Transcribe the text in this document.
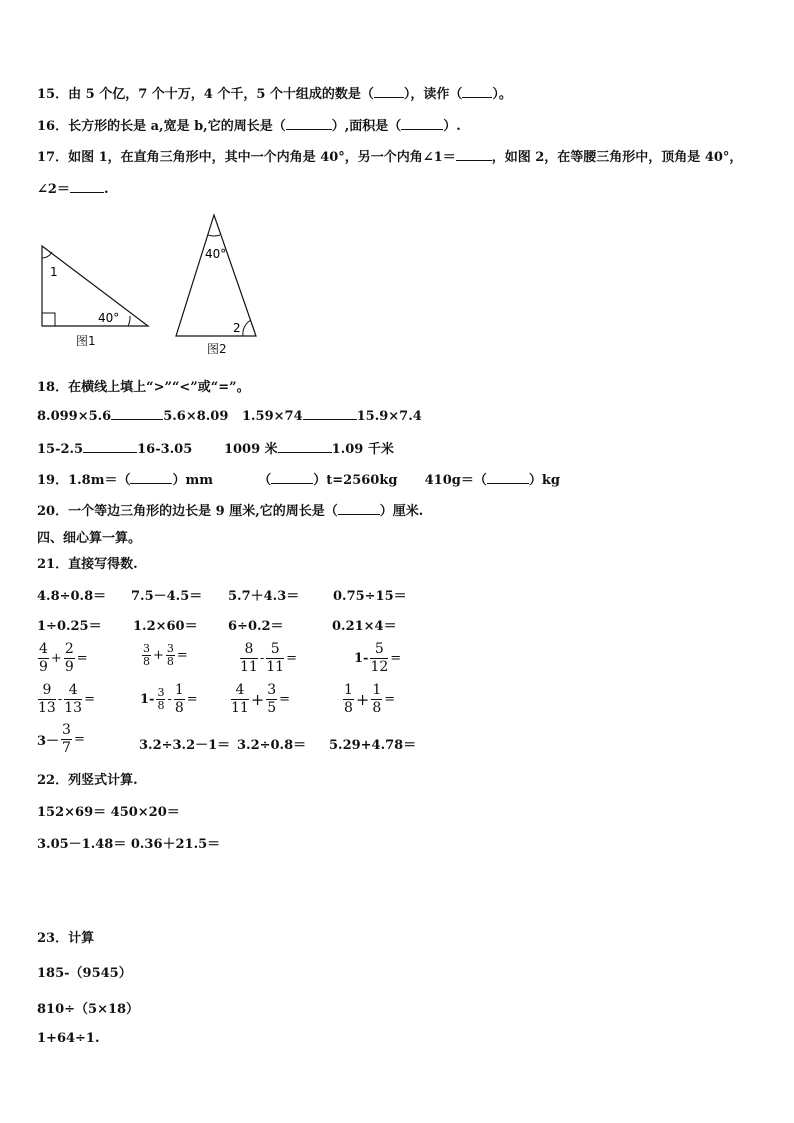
15．由 5 个亿，7 个十万，4 个千，5 个十组成的数是（ ），读作（ ）。
16．长方形的长是 a,宽是 b,它的周长是（	）,面积是（	）.
17．如图 1，在直角三角形中，其中一个内角是 40°，另一个内角∠1＝	，如图 2，在等腰三角形中，顶角是 40°，
∠2＝	.
1
40°
图1
40°
2
图2
18．在横线上填上“>”“<”或“=”。
8.099×5.6	5.6×8.09 1.59×74	15.9×7.4
15-2.5	16-3.05 1009 米	1.09 千米
19．1.8m＝（	）mm	（	）t=2560kg 410g＝（	）kg
20．一个等边三角形的边长是 9 厘米,它的周长是（	）厘米.
四、细心算一算。
21．直接写得数.
4.8÷0.8＝ 7.5－4.5＝ 5.7＋4.3＝	0.75÷15＝
1÷0.25＝ 1.2×60＝ 6÷0.2＝	0.21×4＝
$\frac{4}{9} + \frac{2}{9}$ =	$\frac{3}{8} + \frac{3}{8}$ =	$\frac{8}{11} - \frac{5}{11}$ =	$1- \frac{5}{12}$ =
$\frac{9}{13} - \frac{4}{13}$ =	$1- \frac{3}{8} - \frac{1}{8} = \frac{4}{11} + \frac{3}{5}$ =	$\frac{1}{8} + \frac{1}{8}$ =
$3- \frac{3}{7}$ =	3.2÷3.2－1＝ 3.2÷0.8＝ 5.29+4.78＝
22．列竖式计算.
152×69＝ 450×20＝
3.05－1.48＝ 0.36＋21.5＝
23．计算
185-（9545）
810÷（5×18）
1+64÷1.
